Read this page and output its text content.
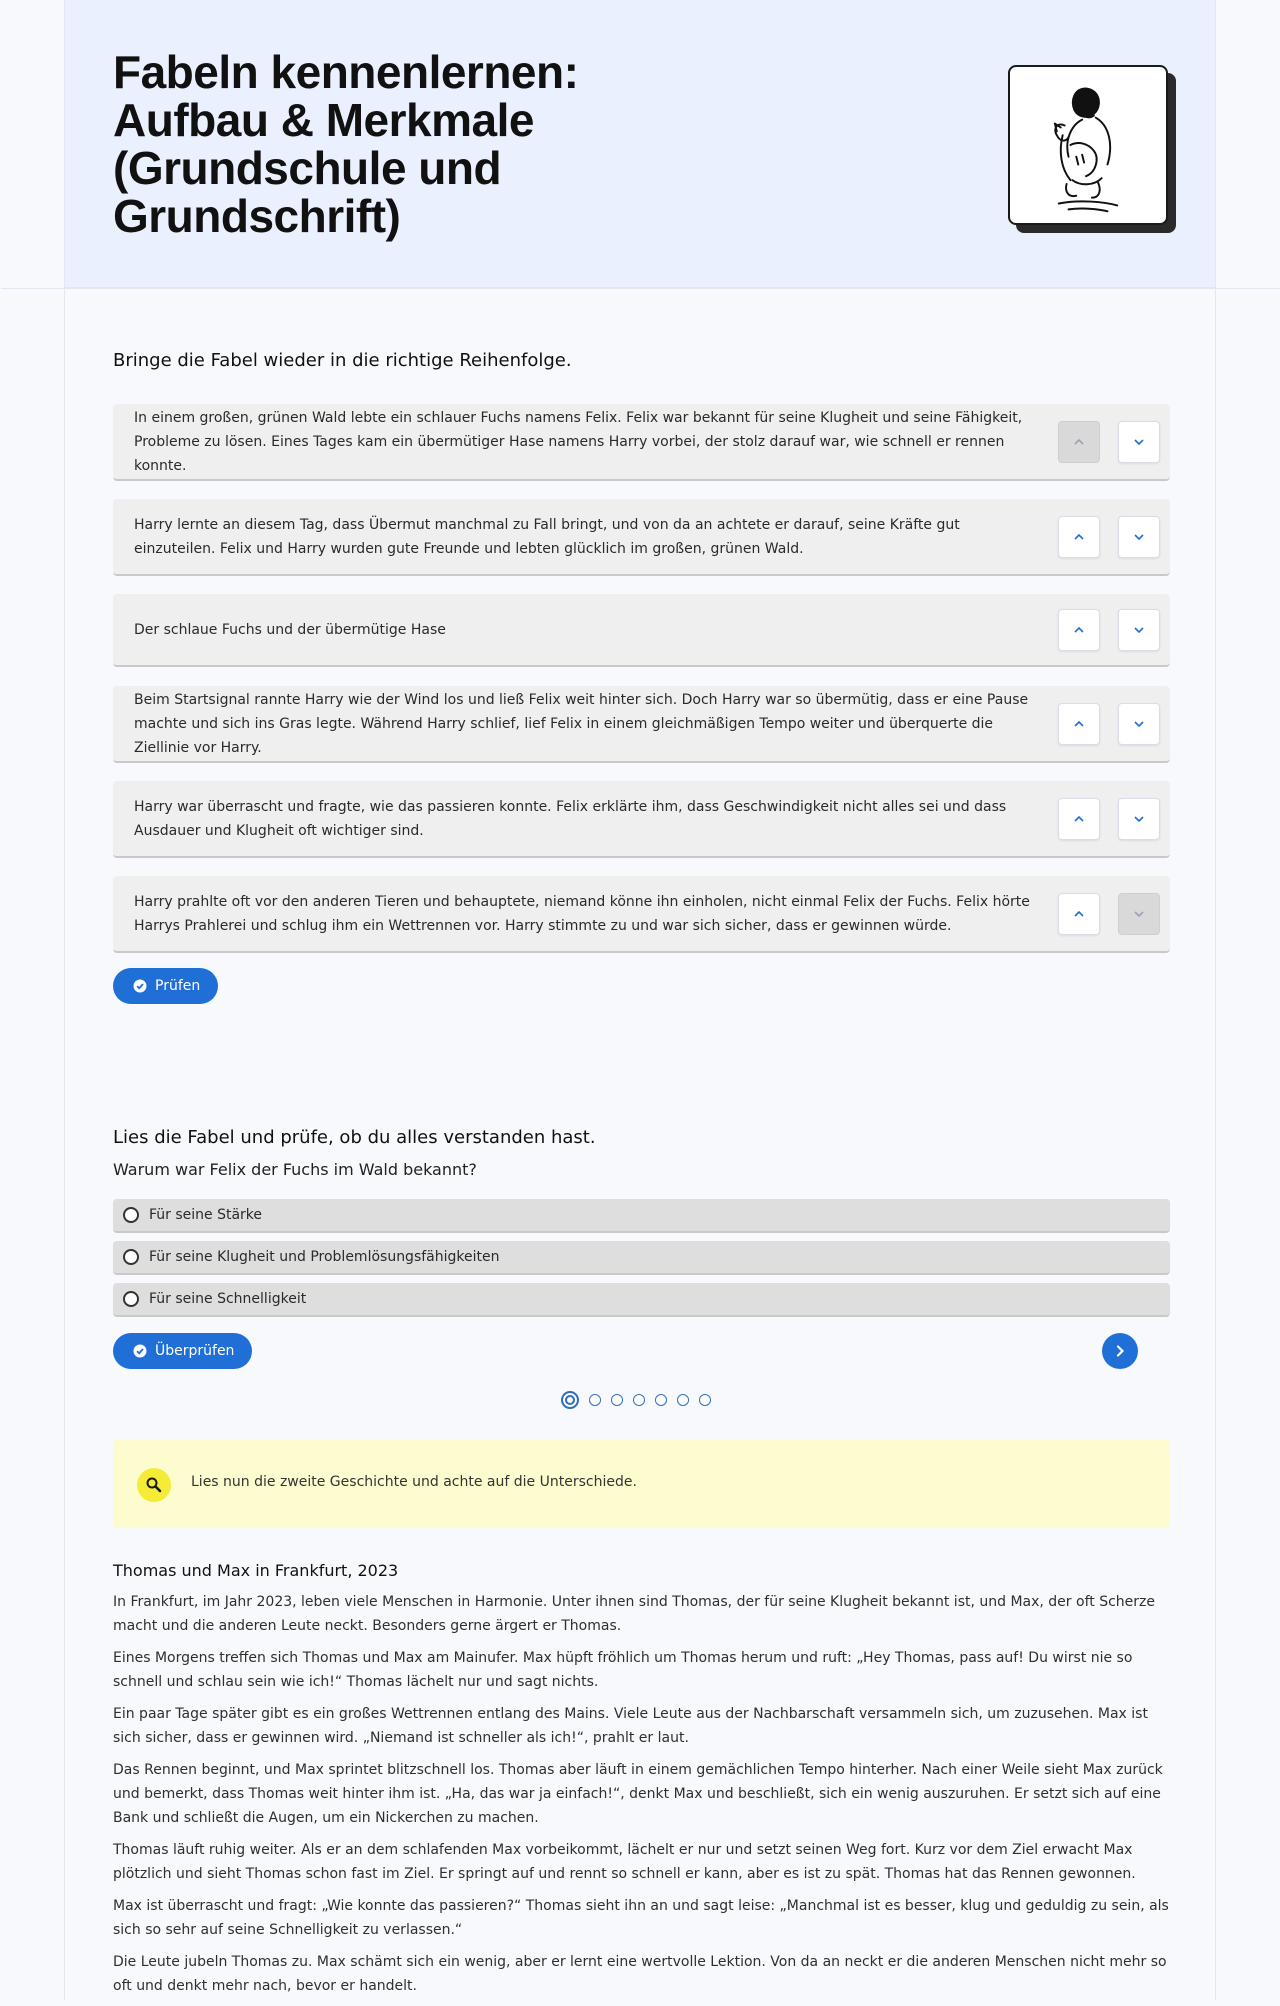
Fabeln kennenlernen: Aufbau & Merkmale (Grundschule und Grundschrift)
Bringe die Fabel wieder in die richtige Reihenfolge.
In einem großen, grünen Wald lebte ein schlauer Fuchs namens Felix. Felix war bekannt für seine Klugheit und seine Fähigkeit, Probleme zu lösen. Eines Tages kam ein übermütiger Hase namens Harry vorbei, der stolz darauf war, wie schnell er rennen konnte.
Harry lernte an diesem Tag, dass Übermut manchmal zu Fall bringt, und von da an achtete er darauf, seine Kräfte gut einzuteilen. Felix und Harry wurden gute Freunde und lebten glücklich im großen, grünen Wald.
Der schlaue Fuchs und der übermütige Hase
Beim Startsignal rannte Harry wie der Wind los und ließ Felix weit hinter sich. Doch Harry war so übermütig, dass er eine Pause machte und sich ins Gras legte. Während Harry schlief, lief Felix in einem gleichmäßigen Tempo weiter und überquerte die Ziellinie vor Harry.
Harry war überrascht und fragte, wie das passieren konnte. Felix erklärte ihm, dass Geschwindigkeit nicht alles sei und dass Ausdauer und Klugheit oft wichtiger sind.
Harry prahlte oft vor den anderen Tieren und behauptete, niemand könne ihn einholen, nicht einmal Felix der Fuchs. Felix hörte Harrys Prahlerei und schlug ihm ein Wettrennen vor. Harry stimmte zu und war sich sicher, dass er gewinnen würde.
Prüfen
Lies die Fabel und prüfe, ob du alles verstanden hast.
Warum war Felix der Fuchs im Wald bekannt?
Für seine Stärke
Für seine Klugheit und Problemlösungsfähigkeiten
Für seine Schnelligkeit
Überprüfen
Lies nun die zweite Geschichte und achte auf die Unterschiede.
Thomas und Max in Frankfurt, 2023

In Frankfurt, im Jahr 2023, leben viele Menschen in Harmonie. Unter ihnen sind Thomas, der für seine Klugheit bekannt ist, und Max, der oft Scherze macht und die anderen Leute neckt. Besonders gerne ärgert er Thomas.

Eines Morgens treffen sich Thomas und Max am Mainufer. Max hüpft fröhlich um Thomas herum und ruft: „Hey Thomas, pass auf! Du wirst nie so schnell und schlau sein wie ich!“ Thomas lächelt nur und sagt nichts.

Ein paar Tage später gibt es ein großes Wettrennen entlang des Mains. Viele Leute aus der Nachbarschaft versammeln sich, um zuzusehen. Max ist sich sicher, dass er gewinnen wird. „Niemand ist schneller als ich!“, prahlt er laut.

Das Rennen beginnt, und Max sprintet blitzschnell los. Thomas aber läuft in einem gemächlichen Tempo hinterher. Nach einer Weile sieht Max zurück und bemerkt, dass Thomas weit hinter ihm ist. „Ha, das war ja einfach!“, denkt Max und beschließt, sich ein wenig auszuruhen. Er setzt sich auf eine Bank und schließt die Augen, um ein Nickerchen zu machen.

Thomas läuft ruhig weiter. Als er an dem schlafenden Max vorbeikommt, lächelt er nur und setzt seinen Weg fort. Kurz vor dem Ziel erwacht Max plötzlich und sieht Thomas schon fast im Ziel. Er springt auf und rennt so schnell er kann, aber es ist zu spät. Thomas hat das Rennen gewonnen.

Max ist überrascht und fragt: „Wie konnte das passieren?“ Thomas sieht ihn an und sagt leise: „Manchmal ist es besser, klug und geduldig zu sein, als sich so sehr auf seine Schnelligkeit zu verlassen.“

Die Leute jubeln Thomas zu. Max schämt sich ein wenig, aber er lernt eine wertvolle Lektion. Von da an neckt er die anderen Menschen nicht mehr so oft und denkt mehr nach, bevor er handelt.
